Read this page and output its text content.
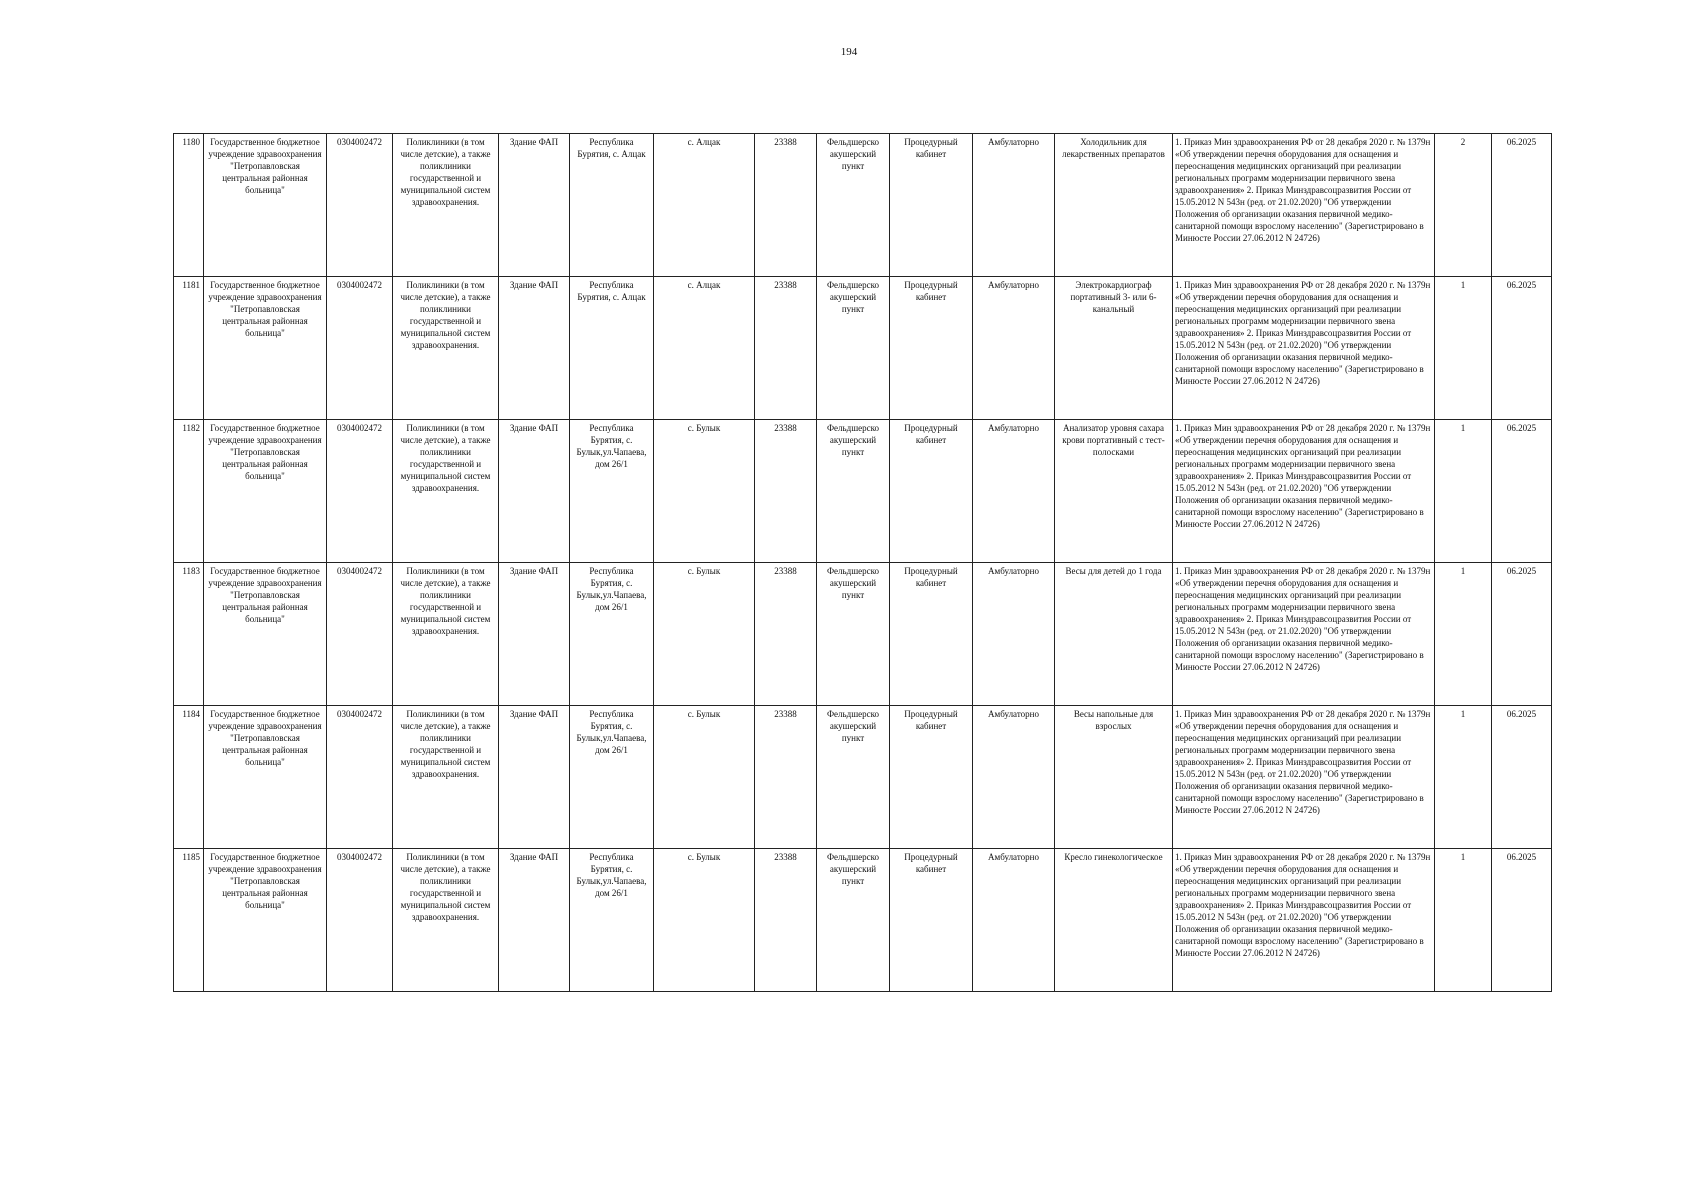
194
1180	Государственное бюджетное учреждение здравоохранения "Петропавловская центральная районная больница"	0304002472	Поликлиники (в том числе детские), а также поликлиники государственной и муниципальной систем здравоохранения.	Здание ФАП	Республика Бурятия, с. Алцак	с. Алцак	23388	Фельдшерско акушерский пункт	Процедурный кабинет	Амбулаторно	Холодильник для лекарственных препаратов	1. Приказ Мин здравоохранения РФ от 28 декабря 2020 г. № 1379н «Об утверждении перечня оборудования для оснащения и переоснащения медицинских организаций при реализации региональных программ модернизации первичного звена здравоохранения» 2. Приказ Минздравсоцразвития России от 15.05.2012 N 543н (ред. от 21.02.2020) "Об утверждении Положения об организации оказания первичной медико-санитарной помощи взрослому населению" (Зарегистрировано в Минюсте России 27.06.2012 N 24726)	2	06.2025
1181	Государственное бюджетное учреждение здравоохранения "Петропавловская центральная районная больница"	0304002472	Поликлиники (в том числе детские), а также поликлиники государственной и муниципальной систем здравоохранения.	Здание ФАП	Республика Бурятия, с. Алцак	с. Алцак	23388	Фельдшерско акушерский пункт	Процедурный кабинет	Амбулаторно	Электрокардиограф портативный 3- или 6-канальный	1. Приказ Мин здравоохранения РФ от 28 декабря 2020 г. № 1379н «Об утверждении перечня оборудования для оснащения и переоснащения медицинских организаций при реализации региональных программ модернизации первичного звена здравоохранения» 2. Приказ Минздравсоцразвития России от 15.05.2012 N 543н (ред. от 21.02.2020) "Об утверждении Положения об организации оказания первичной медико-санитарной помощи взрослому населению" (Зарегистрировано в Минюсте России 27.06.2012 N 24726)	1	06.2025
1182	Государственное бюджетное учреждение здравоохранения "Петропавловская центральная районная больница"	0304002472	Поликлиники (в том числе детские), а также поликлиники государственной и муниципальной систем здравоохранения.	Здание ФАП	Республика Бурятия, с. Булык,ул.Чапаева, дом 26/1	с. Булык	23388	Фельдшерско акушерский пункт	Процедурный кабинет	Амбулаторно	Анализатор уровня сахара крови портативный с тест-полосками	1. Приказ Мин здравоохранения РФ от 28 декабря 2020 г. № 1379н «Об утверждении перечня оборудования для оснащения и переоснащения медицинских организаций при реализации региональных программ модернизации первичного звена здравоохранения» 2. Приказ Минздравсоцразвития России от 15.05.2012 N 543н (ред. от 21.02.2020) "Об утверждении Положения об организации оказания первичной медико-санитарной помощи взрослому населению" (Зарегистрировано в Минюсте России 27.06.2012 N 24726)	1	06.2025
1183	Государственное бюджетное учреждение здравоохранения "Петропавловская центральная районная больница"	0304002472	Поликлиники (в том числе детские), а также поликлиники государственной и муниципальной систем здравоохранения.	Здание ФАП	Республика Бурятия, с. Булык,ул.Чапаева, дом 26/1	с. Булык	23388	Фельдшерско акушерский пункт	Процедурный кабинет	Амбулаторно	Весы для детей до 1 года	1. Приказ Мин здравоохранения РФ от 28 декабря 2020 г. № 1379н «Об утверждении перечня оборудования для оснащения и переоснащения медицинских организаций при реализации региональных программ модернизации первичного звена здравоохранения» 2. Приказ Минздравсоцразвития России от 15.05.2012 N 543н (ред. от 21.02.2020) "Об утверждении Положения об организации оказания первичной медико-санитарной помощи взрослому населению" (Зарегистрировано в Минюсте России 27.06.2012 N 24726)	1	06.2025
1184	Государственное бюджетное учреждение здравоохранения "Петропавловская центральная районная больница"	0304002472	Поликлиники (в том числе детские), а также поликлиники государственной и муниципальной систем здравоохранения.	Здание ФАП	Республика Бурятия, с. Булык,ул.Чапаева, дом 26/1	с. Булык	23388	Фельдшерско акушерский пункт	Процедурный кабинет	Амбулаторно	Весы напольные для взрослых	1. Приказ Мин здравоохранения РФ от 28 декабря 2020 г. № 1379н «Об утверждении перечня оборудования для оснащения и переоснащения медицинских организаций при реализации региональных программ модернизации первичного звена здравоохранения» 2. Приказ Минздравсоцразвития России от 15.05.2012 N 543н (ред. от 21.02.2020) "Об утверждении Положения об организации оказания первичной медико-санитарной помощи взрослому населению" (Зарегистрировано в Минюсте России 27.06.2012 N 24726)	1	06.2025
1185	Государственное бюджетное учреждение здравоохранения "Петропавловская центральная районная больница"	0304002472	Поликлиники (в том числе детские), а также поликлиники государственной и муниципальной систем здравоохранения.	Здание ФАП	Республика Бурятия, с. Булык,ул.Чапаева, дом 26/1	с. Булык	23388	Фельдшерско акушерский пункт	Процедурный кабинет	Амбулаторно	Кресло гинекологическое	1. Приказ Мин здравоохранения РФ от 28 декабря 2020 г. № 1379н «Об утверждении перечня оборудования для оснащения и переоснащения медицинских организаций при реализации региональных программ модернизации первичного звена здравоохранения» 2. Приказ Минздравсоцразвития России от 15.05.2012 N 543н (ред. от 21.02.2020) "Об утверждении Положения об организации оказания первичной медико-санитарной помощи взрослому населению" (Зарегистрировано в Минюсте России 27.06.2012 N 24726)	1	06.2025
